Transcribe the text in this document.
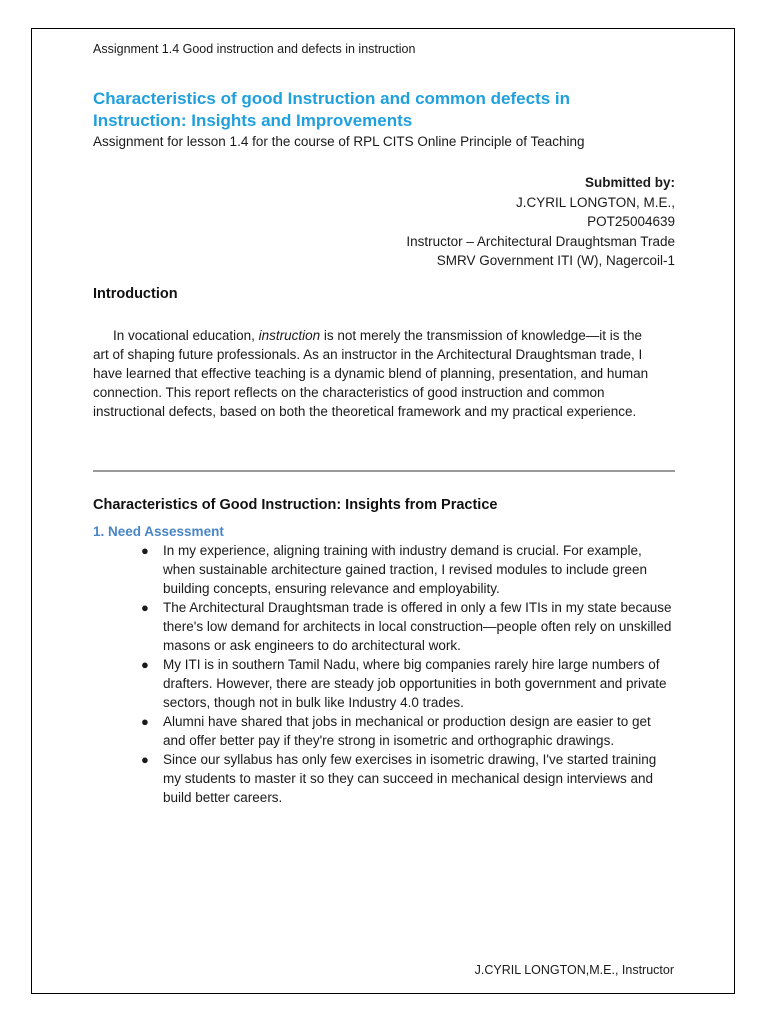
Assignment 1.4 Good instruction and defects in instruction
Characteristics of good Instruction and common defects in
Instruction: Insights and Improvements
Assignment for lesson 1.4 for the course of RPL CITS Online Principle of Teaching
Submitted by:
J.CYRIL LONGTON, M.E.,
POT25004639
Instructor – Architectural Draughtsman Trade
SMRV Government ITI (W), Nagercoil-1
Introduction

In vocational education, instruction is not merely the transmission of knowledge—it is the art of shaping future professionals. As an instructor in the Architectural Draughtsman trade, I have learned that effective teaching is a dynamic blend of planning, presentation, and human connection. This report reflects on the characteristics of good instruction and common instructional defects, based on both the theoretical framework and my practical experience.

Characteristics of Good Instruction: Insights from Practice
1. Need Assessment
● In my experience, aligning training with industry demand is crucial. For example, when sustainable architecture gained traction, I revised modules to include green building concepts, ensuring relevance and employability.
● The Architectural Draughtsman trade is offered in only a few ITIs in my state because there's low demand for architects in local construction—people often rely on unskilled masons or ask engineers to do architectural work.
● My ITI is in southern Tamil Nadu, where big companies rarely hire large numbers of drafters. However, there are steady job opportunities in both government and private sectors, though not in bulk like Industry 4.0 trades.
● Alumni have shared that jobs in mechanical or production design are easier to get and offer better pay if they're strong in isometric and orthographic drawings.
● Since our syllabus has only few exercises in isometric drawing, I've started training my students to master it so they can succeed in mechanical design interviews and build better careers.
J.CYRIL LONGTON,M.E., Instructor
